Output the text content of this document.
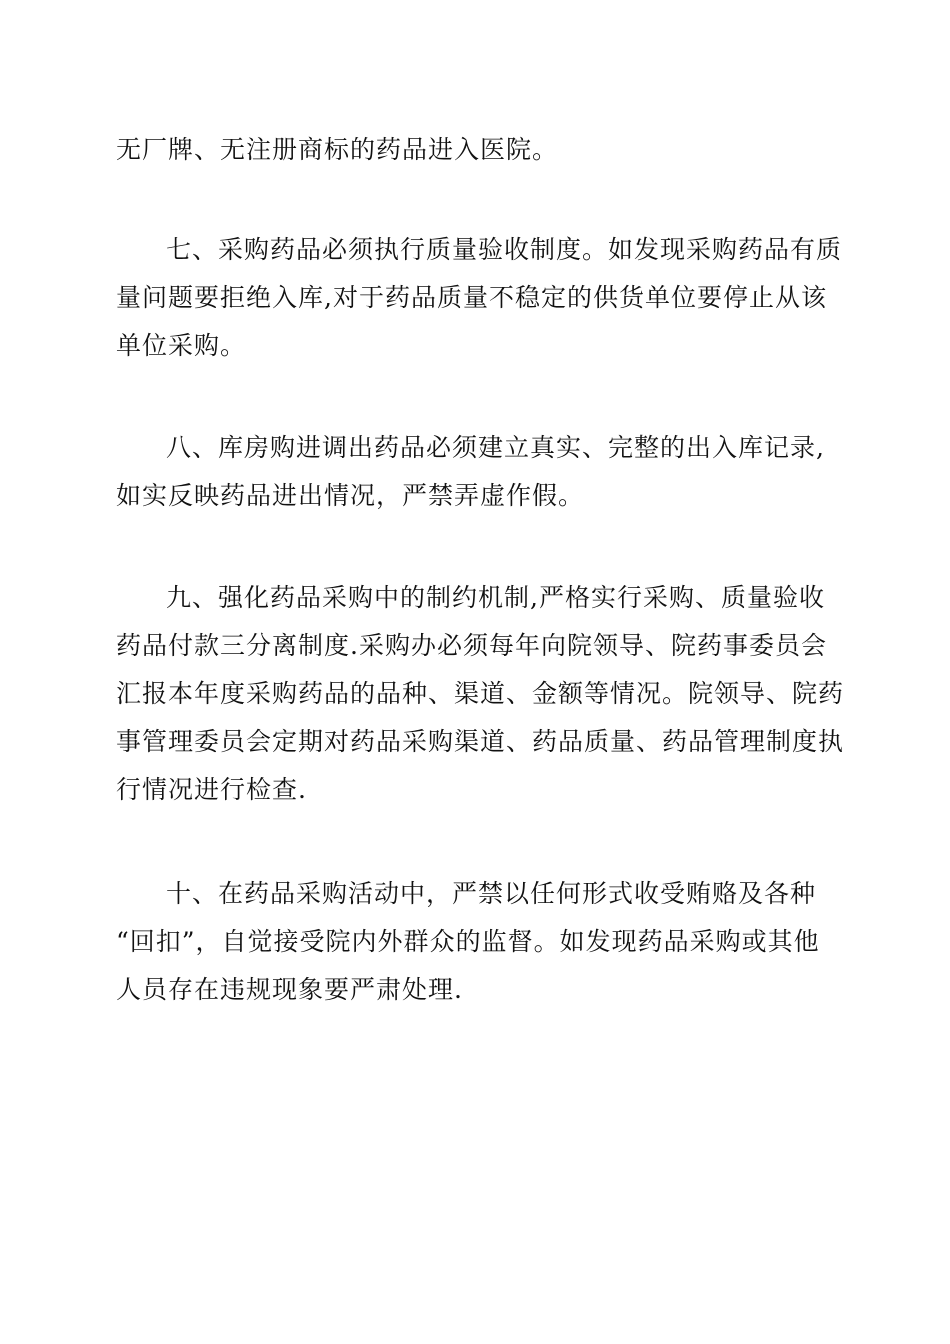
无厂牌、无注册商标的药品进入医院。
七、采购药品必须执行质量验收制度。如发现采购药品有质
量问题要拒绝入库,对于药品质量不稳定的供货单位要停止从该
单位采购。
八、库房购进调出药品必须建立真实、完整的出入库记录,
如实反映药品进出情况，严禁弄虚作假。
九、强化药品采购中的制约机制,严格实行采购、质量验收
药品付款三分离制度.采购办必须每年向院领导、院药事委员会
汇报本年度采购药品的品种、渠道、金额等情况。院领导、院药
事管理委员会定期对药品采购渠道、药品质量、药品管理制度执
行情况进行检查.
十、在药品采购活动中，严禁以任何形式收受贿赂及各种
“回扣”，自觉接受院内外群众的监督。如发现药品采购或其他
人员存在违规现象要严肃处理.
